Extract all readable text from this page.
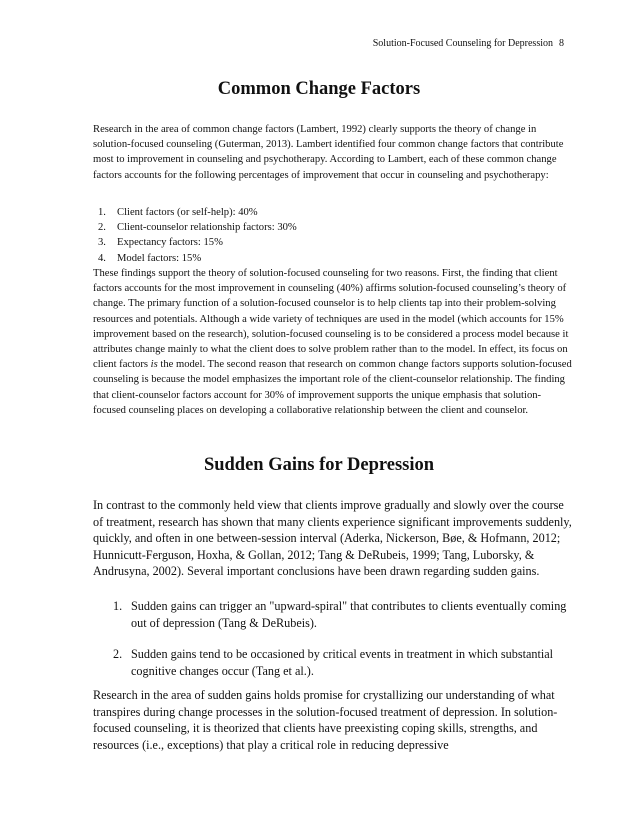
Solution-Focused Counseling for Depression 8
Common Change Factors

Research in the area of common change factors (Lambert, 1992) clearly supports the theory of change in solution-focused counseling (Guterman, 2013). Lambert identified four common change factors that contribute most to improvement in counseling and psychotherapy. According to Lambert, each of these common change factors accounts for the following percentages of improvement that occur in counseling and psychotherapy:

1. Client factors (or self-help): 40%
2. Client-counselor relationship factors: 30%
3. Expectancy factors: 15%
4. Model factors: 15%

These findings support the theory of solution-focused counseling for two reasons. First, the finding that client factors accounts for the most improvement in counseling (40%) affirms solution-focused counseling’s theory of change. The primary function of a solution-focused counselor is to help clients tap into their problem-solving resources and potentials. Although a wide variety of techniques are used in the model (which accounts for 15% improvement based on the research), solution-focused counseling is to be considered a process model because it attributes change mainly to what the client does to solve problem rather than to the model. In effect, its focus on client factors is the model. The second reason that research on common change factors supports solution-focused counseling is because the model emphasizes the important role of the client-counselor relationship. The finding that client-counselor factors account for 30% of improvement supports the unique emphasis that solution-focused counseling places on developing a collaborative relationship between the client and counselor.

Sudden Gains for Depression

In contrast to the commonly held view that clients improve gradually and slowly over the course of treatment, research has shown that many clients experience significant improvements suddenly, quickly, and often in one between-session interval (Aderka, Nickerson, Bøe, & Hofmann, 2012; Hunnicutt-Ferguson, Hoxha, & Gollan, 2012; Tang & DeRubeis, 1999; Tang, Luborsky, & Andrusyna, 2002). Several important conclusions have been drawn regarding sudden gains.

1. Sudden gains can trigger an "upward-spiral" that contributes to clients eventually coming out of depression (Tang & DeRubeis).
2. Sudden gains tend to be occasioned by critical events in treatment in which substantial cognitive changes occur (Tang et al.).

Research in the area of sudden gains holds promise for crystallizing our understanding of what transpires during change processes in the solution-focused treatment of depression. In solution-focused counseling, it is theorized that clients have preexisting coping skills, strengths, and resources (i.e., exceptions) that play a critical role in reducing depressive
